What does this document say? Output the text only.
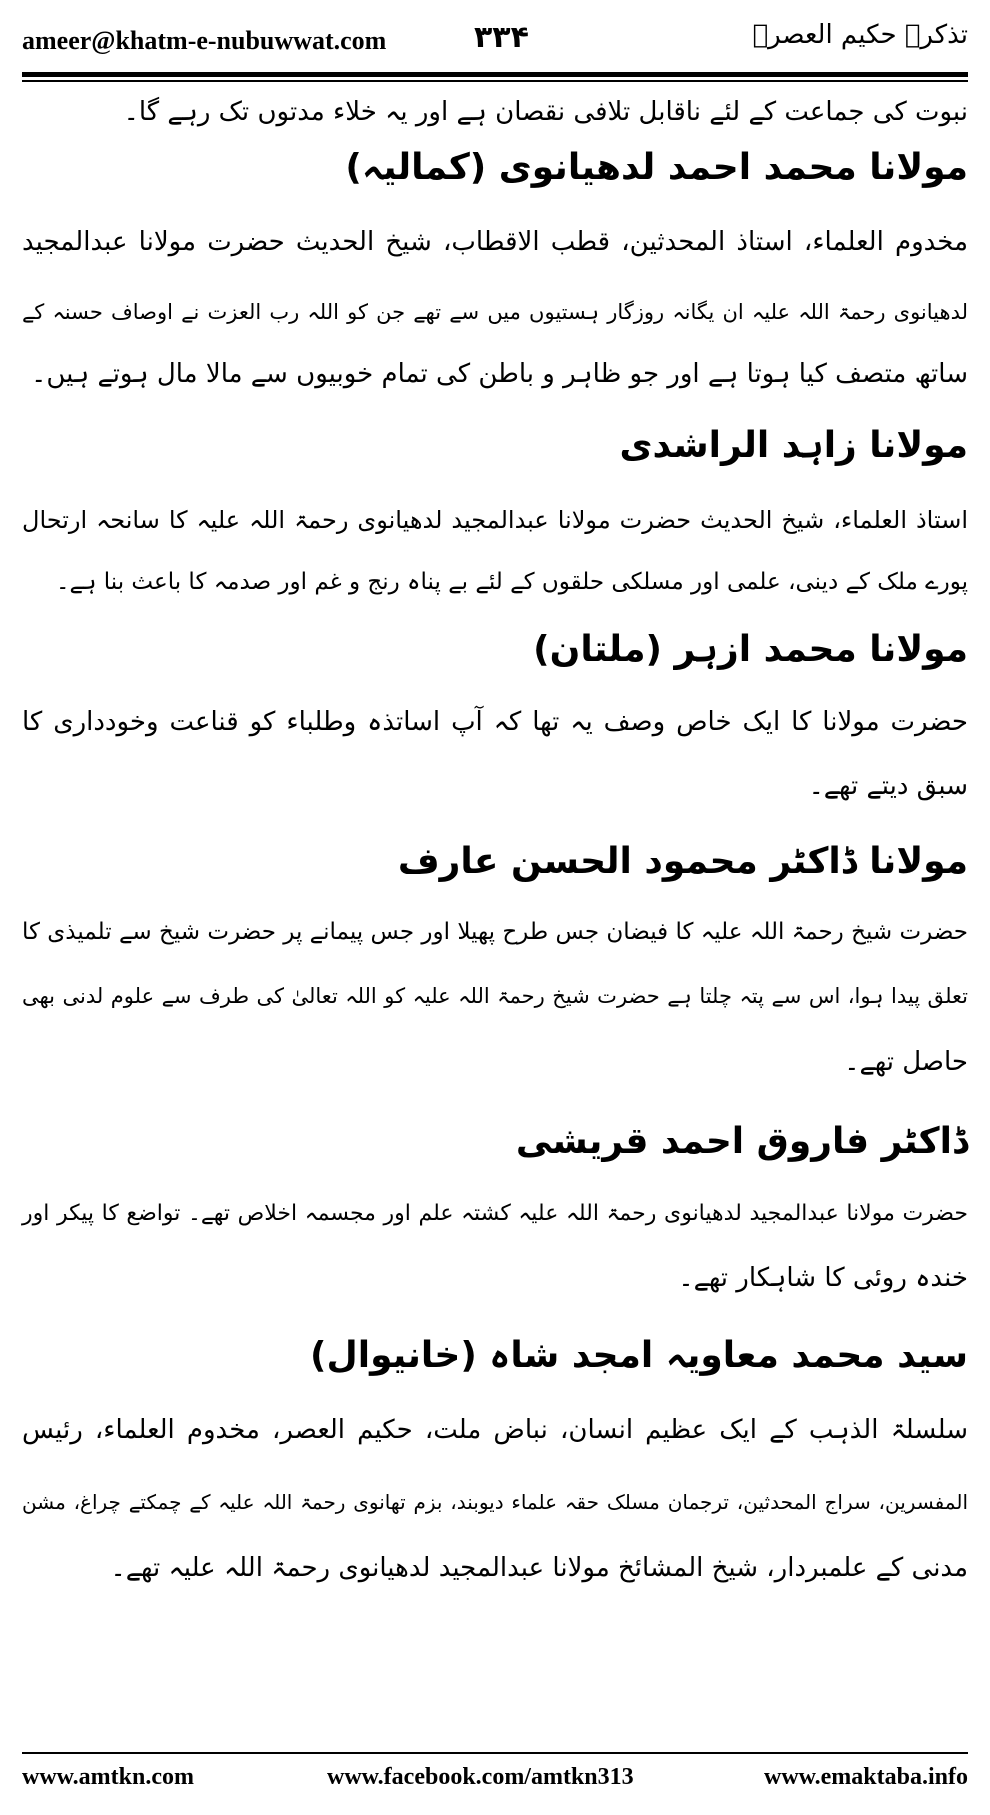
ameer@khatm-e-nubuwwat.com	۳۳۴	تذکرہ حکیم العصرؒ
نبوت کی جماعت کے لئے ناقابل تلافی نقصان ہے اور یہ خلاء مدتوں تک رہے گا۔
مولانا محمد احمد لدھیانوی (کمالیہ)
مخدوم العلماء، استاذ المحدثین، قطب الاقطاب، شیخ الحدیث حضرت مولانا عبدالمجید
لدھیانوی رحمۃ اللہ علیہ ان یگانہ روزگار ہستیوں میں سے تھے جن کو اللہ رب العزت نے اوصاف حسنہ کے
ساتھ متصف کیا ہوتا ہے اور جو ظاہر و باطن کی تمام خوبیوں سے مالا مال ہوتے ہیں۔
مولانا زاہد الراشدی
استاذ العلماء، شیخ الحدیث حضرت مولانا عبدالمجید لدھیانوی رحمۃ اللہ علیہ کا سانحہ ارتحال
پورے ملک کے دینی، علمی اور مسلکی حلقوں کے لئے بے پناہ رنج و غم اور صدمہ کا باعث بنا ہے۔
مولانا محمد ازہر (ملتان)
حضرت مولانا کا ایک خاص وصف یہ تھا کہ آپ اساتذہ وطلباء کو قناعت وخودداری کا
سبق دیتے تھے۔
مولانا ڈاکٹر محمود الحسن عارف
حضرت شیخ رحمۃ اللہ علیہ کا فیضان جس طرح پھیلا اور جس پیمانے پر حضرت شیخ سے تلمیذی کا
تعلق پیدا ہوا، اس سے پتہ چلتا ہے حضرت شیخ رحمۃ اللہ علیہ کو اللہ تعالیٰ کی طرف سے علوم لدنی بھی
حاصل تھے۔
ڈاکٹر فاروق احمد قریشی
حضرت مولانا عبدالمجید لدھیانوی رحمۃ اللہ علیہ کشتہ علم اور مجسمہ اخلاص تھے۔ تواضع کا پیکر اور
خندہ روئی کا شاہکار تھے۔
سید محمد معاویہ امجد شاہ (خانیوال)
سلسلۃ الذہب کے ایک عظیم انسان، نباض ملت، حکیم العصر، مخدوم العلماء، رئیس
المفسرین، سراج المحدثین، ترجمان مسلک حقہ علماء دیوبند، بزم تھانوی رحمۃ اللہ علیہ کے چمکتے چراغ، مشن
مدنی کے علمبردار، شیخ المشائخ مولانا عبدالمجید لدھیانوی رحمۃ اللہ علیہ تھے۔
www.amtkn.com	www.facebook.com/amtkn313	www.emaktaba.info
